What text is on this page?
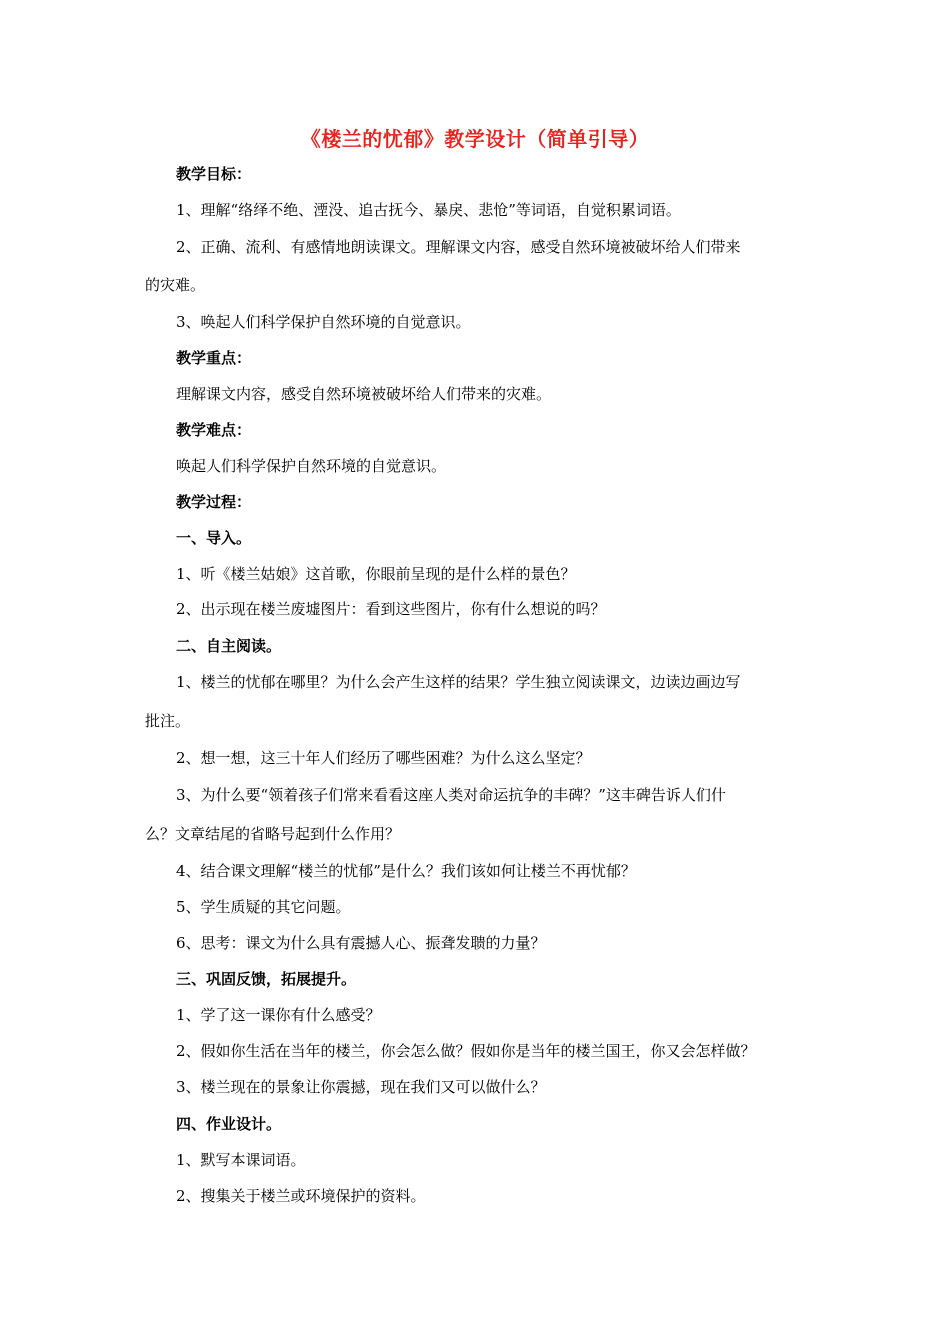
《楼兰的忧郁》教学设计（简单引导）
教学目标：
1、理解“络绎不绝、湮没、追古抚今、暴戾、悲怆”等词语，自觉积累词语。
2、正确、流利、有感情地朗读课文。理解课文内容，感受自然环境被破坏给人们带来
的灾难。
3、唤起人们科学保护自然环境的自觉意识。
教学重点：
理解课文内容，感受自然环境被破坏给人们带来的灾难。
教学难点：
唤起人们科学保护自然环境的自觉意识。
教学过程：
一、导入。
1、听《楼兰姑娘》这首歌，你眼前呈现的是什么样的景色？
2、出示现在楼兰废墟图片：看到这些图片，你有什么想说的吗？
二、自主阅读。
1、楼兰的忧郁在哪里？为什么会产生这样的结果？学生独立阅读课文，边读边画边写
批注。
2、想一想，这三十年人们经历了哪些困难？为什么这么坚定？
3、为什么要“领着孩子们常来看看这座人类对命运抗争的丰碑？”这丰碑告诉人们什
么？文章结尾的省略号起到什么作用？
4、结合课文理解“楼兰的忧郁”是什么？我们该如何让楼兰不再忧郁？
5、学生质疑的其它问题。
6、思考：课文为什么具有震撼人心、振聋发聩的力量？
三、巩固反馈，拓展提升。
1、学了这一课你有什么感受？
2、假如你生活在当年的楼兰，你会怎么做？假如你是当年的楼兰国王，你又会怎样做？
3、楼兰现在的景象让你震撼，现在我们又可以做什么？
四、作业设计。
1、默写本课词语。
2、搜集关于楼兰或环境保护的资料。
